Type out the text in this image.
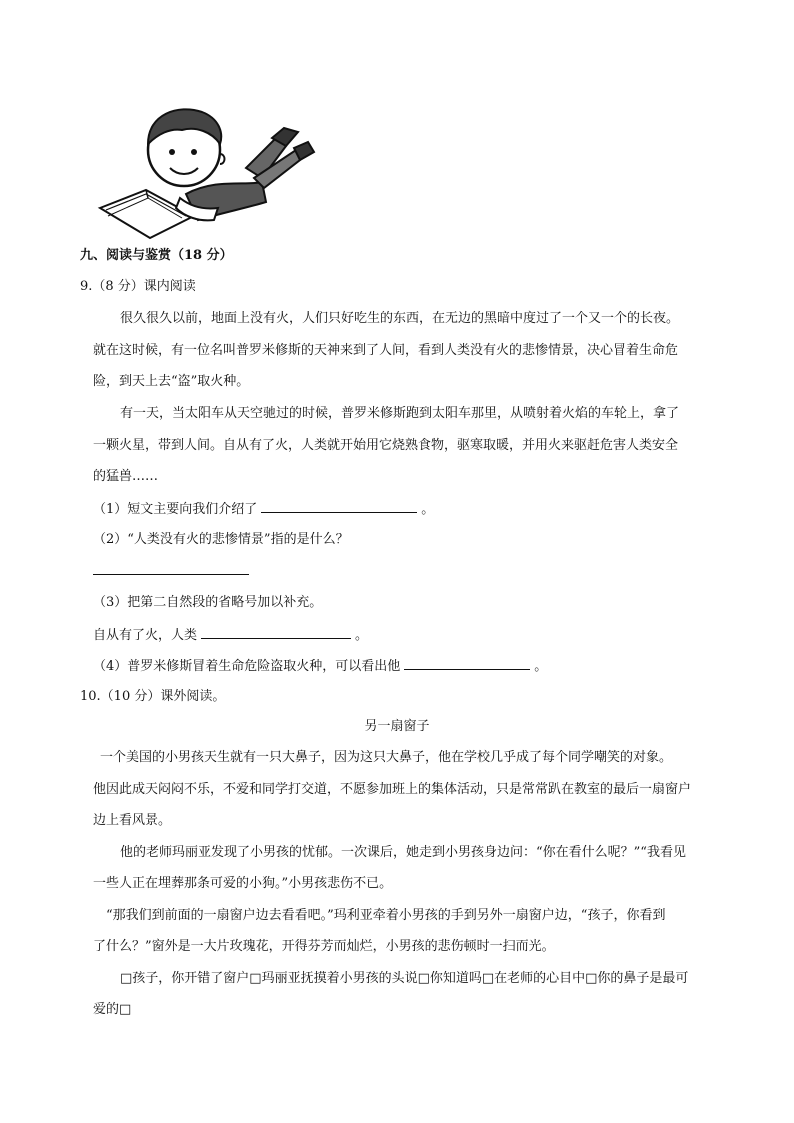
九、阅读与鉴赏（18 分）
9.（8 分）课内阅读
很久很久以前，地面上没有火，人们只好吃生的东西，在无边的黑暗中度过了一个又一个的长夜。
就在这时候，有一位名叫普罗米修斯的天神来到了人间，看到人类没有火的悲惨情景，决心冒着生命危
险，到天上去“盗”取火种。
有一天，当太阳车从天空驰过的时候，普罗米修斯跑到太阳车那里，从喷射着火焰的车轮上，拿了
一颗火星，带到人间。自从有了火，人类就开始用它烧熟食物，驱寒取暖，并用火来驱赶危害人类安全
的猛兽……
（1）短文主要向我们介绍了	。
（2）“人类没有火的悲惨情景”指的是什么？
（3）把第二自然段的省略号加以补充。
自从有了火，人类	。
（4）普罗米修斯冒着生命危险盗取火种，可以看出他	。
10.（10 分）课外阅读。
另一扇窗子
一个美国的小男孩天生就有一只大鼻子，因为这只大鼻子，他在学校几乎成了每个同学嘲笑的对象。
他因此成天闷闷不乐，不爱和同学打交道，不愿参加班上的集体活动，只是常常趴在教室的最后一扇窗户
边上看风景。
他的老师玛丽亚发现了小男孩的忧郁。一次课后，她走到小男孩身边问：“你在看什么呢？”“我看见
一些人正在埋葬那条可爱的小狗。”小男孩悲伤不已。
“那我们到前面的一扇窗户边去看看吧。”玛利亚牵着小男孩的手到另外一扇窗户边，“孩子，你看到
了什么？”窗外是一大片玫瑰花，开得芬芳而灿烂，小男孩的悲伤顿时一扫而光。
□孩子，你开错了窗户□玛丽亚抚摸着小男孩的头说□你知道吗□在老师的心目中□你的鼻子是最可
爱的□
